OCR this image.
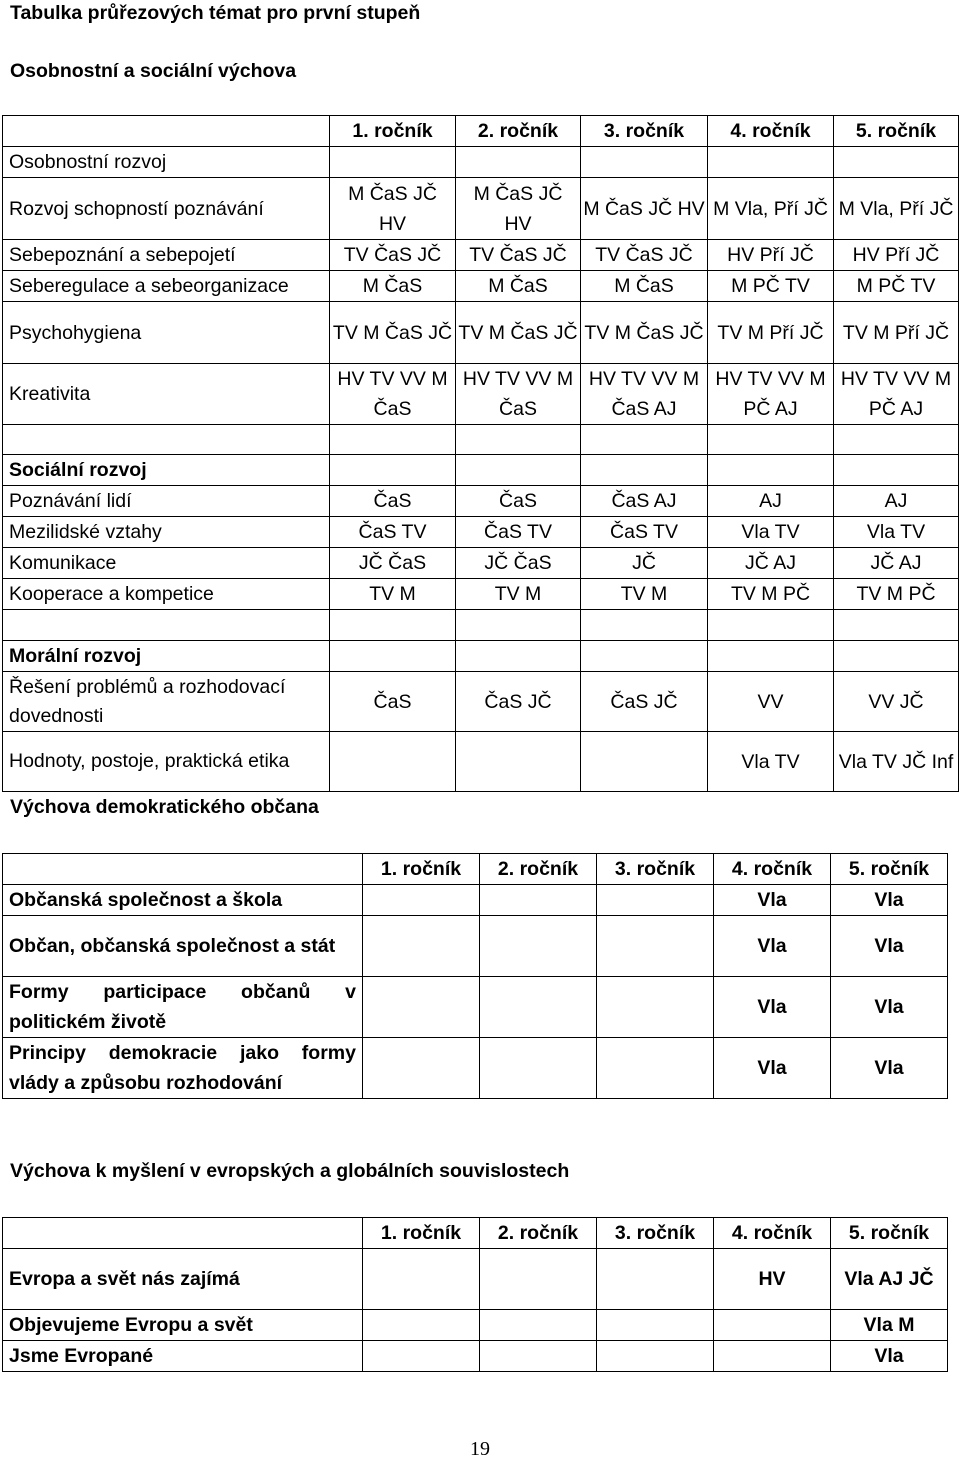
Tabulka průřezových témat pro první stupeň
Osobnostní a sociální výchova
	1. ročník	2. ročník	3. ročník	4. ročník	5. ročník
Osobnostní rozvoj					
Rozvoj schopností poznávání	M ČaS JČ HV	M ČaS JČ HV	M ČaS JČ HV	M Vla, Pří JČ	M Vla, Pří JČ
Sebepoznání a sebepojetí	TV ČaS JČ	TV ČaS JČ	TV ČaS JČ	HV Pří JČ	HV Pří JČ
Seberegulace a sebeorganizace	M ČaS	M ČaS	M ČaS	M PČ TV	M PČ TV
Psychohygiena	TV M ČaS JČ	TV M ČaS JČ	TV M ČaS JČ	TV M Pří JČ	TV M Pří JČ
Kreativita	HV TV VV M ČaS	HV TV VV M ČaS	HV TV VV M ČaS AJ	HV TV VV M PČ AJ	HV TV VV M PČ AJ

Sociální rozvoj					
Poznávání lidí	ČaS	ČaS	ČaS AJ	AJ	AJ
Mezilidské vztahy	ČaS TV	ČaS TV	ČaS TV	Vla TV	Vla TV
Komunikace	JČ ČaS	JČ ČaS	JČ	JČ AJ	JČ AJ
Kooperace a kompetice	TV M	TV M	TV M	TV M PČ	TV M PČ

Morální rozvoj					
Řešení problémů a rozhodovací dovednosti	ČaS	ČaS JČ	ČaS JČ	VV	VV JČ
Hodnoty, postoje, praktická etika				Vla TV	Vla TV JČ Inf
Výchova demokratického občana
	1. ročník	2. ročník	3. ročník	4. ročník	5. ročník
Občanská společnost a škola				Vla	Vla
Občan, občanská společnost a stát				Vla	Vla
Formy participace občanů v politickém životě				Vla	Vla
Principy demokracie jako formy vlády a způsobu rozhodování				Vla	Vla
Výchova k myšlení v evropských a globálních souvislostech
	1. ročník	2. ročník	3. ročník	4. ročník	5. ročník
Evropa a svět nás zajímá				HV	Vla AJ JČ
Objevujeme Evropu a svět					Vla M
Jsme Evropané					Vla
19
